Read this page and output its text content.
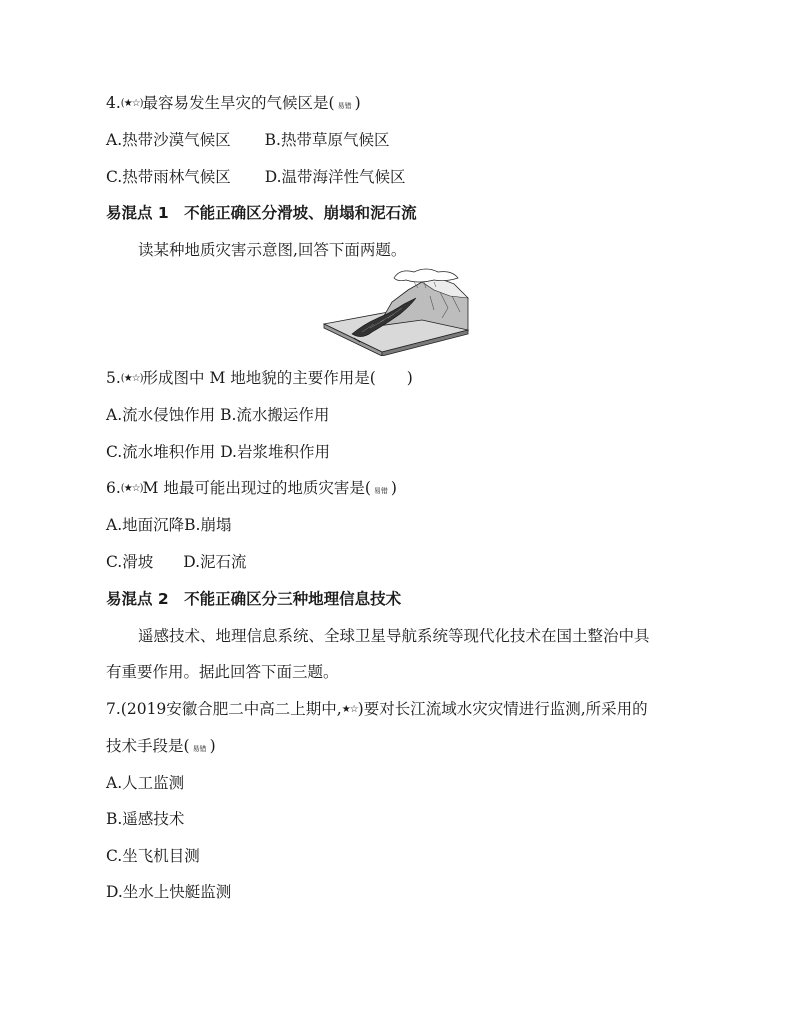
4.(★☆)最容易发生旱灾的气候区是( 易错 )
A.热带沙漠气候区 B.热带草原气候区
C.热带雨林气候区 D.温带海洋性气候区
易混点 1　不能正确区分滑坡、崩塌和泥石流
读某种地质灾害示意图,回答下面两题。
5.(★☆)形成图中 M 地地貌的主要作用是(　　)
A.流水侵蚀作用 B.流水搬运作用
C.流水堆积作用 D.岩浆堆积作用
6.(★☆)M 地最可能出现过的地质灾害是( 易错 )
A.地面沉降B.崩塌
C.滑坡 D.泥石流
易混点 2　不能正确区分三种地理信息技术
遥感技术、地理信息系统、全球卫星导航系统等现代化技术在国土整治中具
有重要作用。据此回答下面三题。
7.(2019安徽合肥二中高二上期中,★☆)要对长江流域水灾灾情进行监测,所采用的
技术手段是( 易错 )
A.人工监测
B.遥感技术
C.坐飞机目测
D.坐水上快艇监测
